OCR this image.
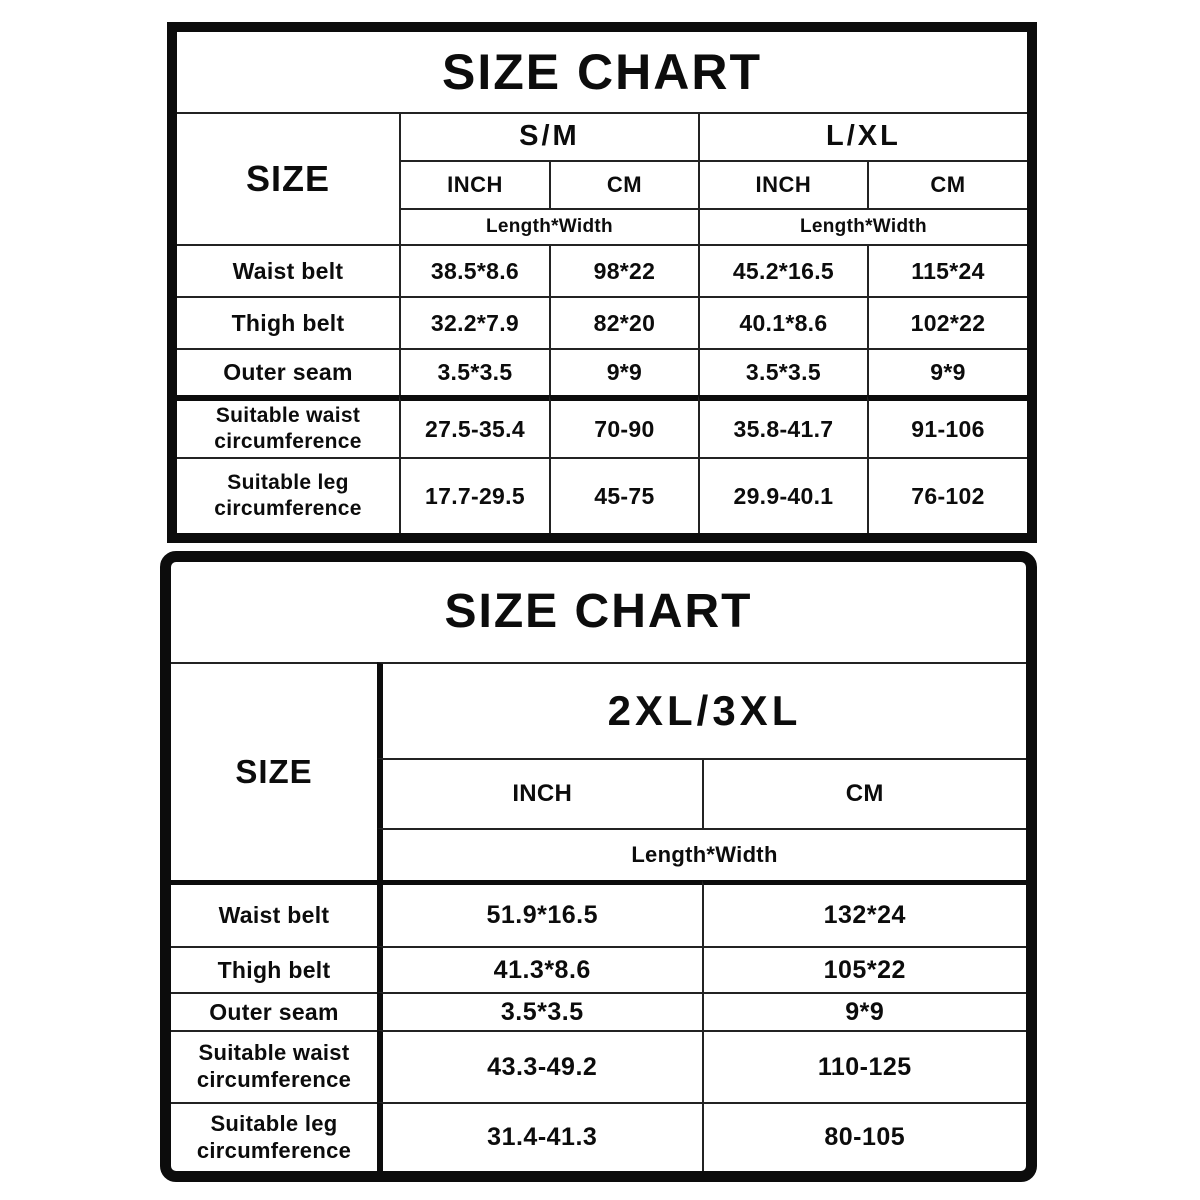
SIZE CHART
SIZE
S/M	L/XL
INCH	CM	INCH	CM
Length*Width	Length*Width
Waist belt	38.5*8.6	98*22	45.2*16.5	115*24
Thigh belt	32.2*7.9	82*20	40.1*8.6	102*22
Outer seam	3.5*3.5	9*9	3.5*3.5	9*9
Suitable waist circumference	27.5-35.4	70-90	35.8-41.7	91-106
Suitable leg circumference	17.7-29.5	45-75	29.9-40.1	76-102
SIZE CHART
SIZE
2XL/3XL
INCH	CM
Length*Width
Waist belt	51.9*16.5	132*24
Thigh belt	41.3*8.6	105*22
Outer seam	3.5*3.5	9*9
Suitable waist circumference	43.3-49.2	110-125
Suitable leg circumference	31.4-41.3	80-105
